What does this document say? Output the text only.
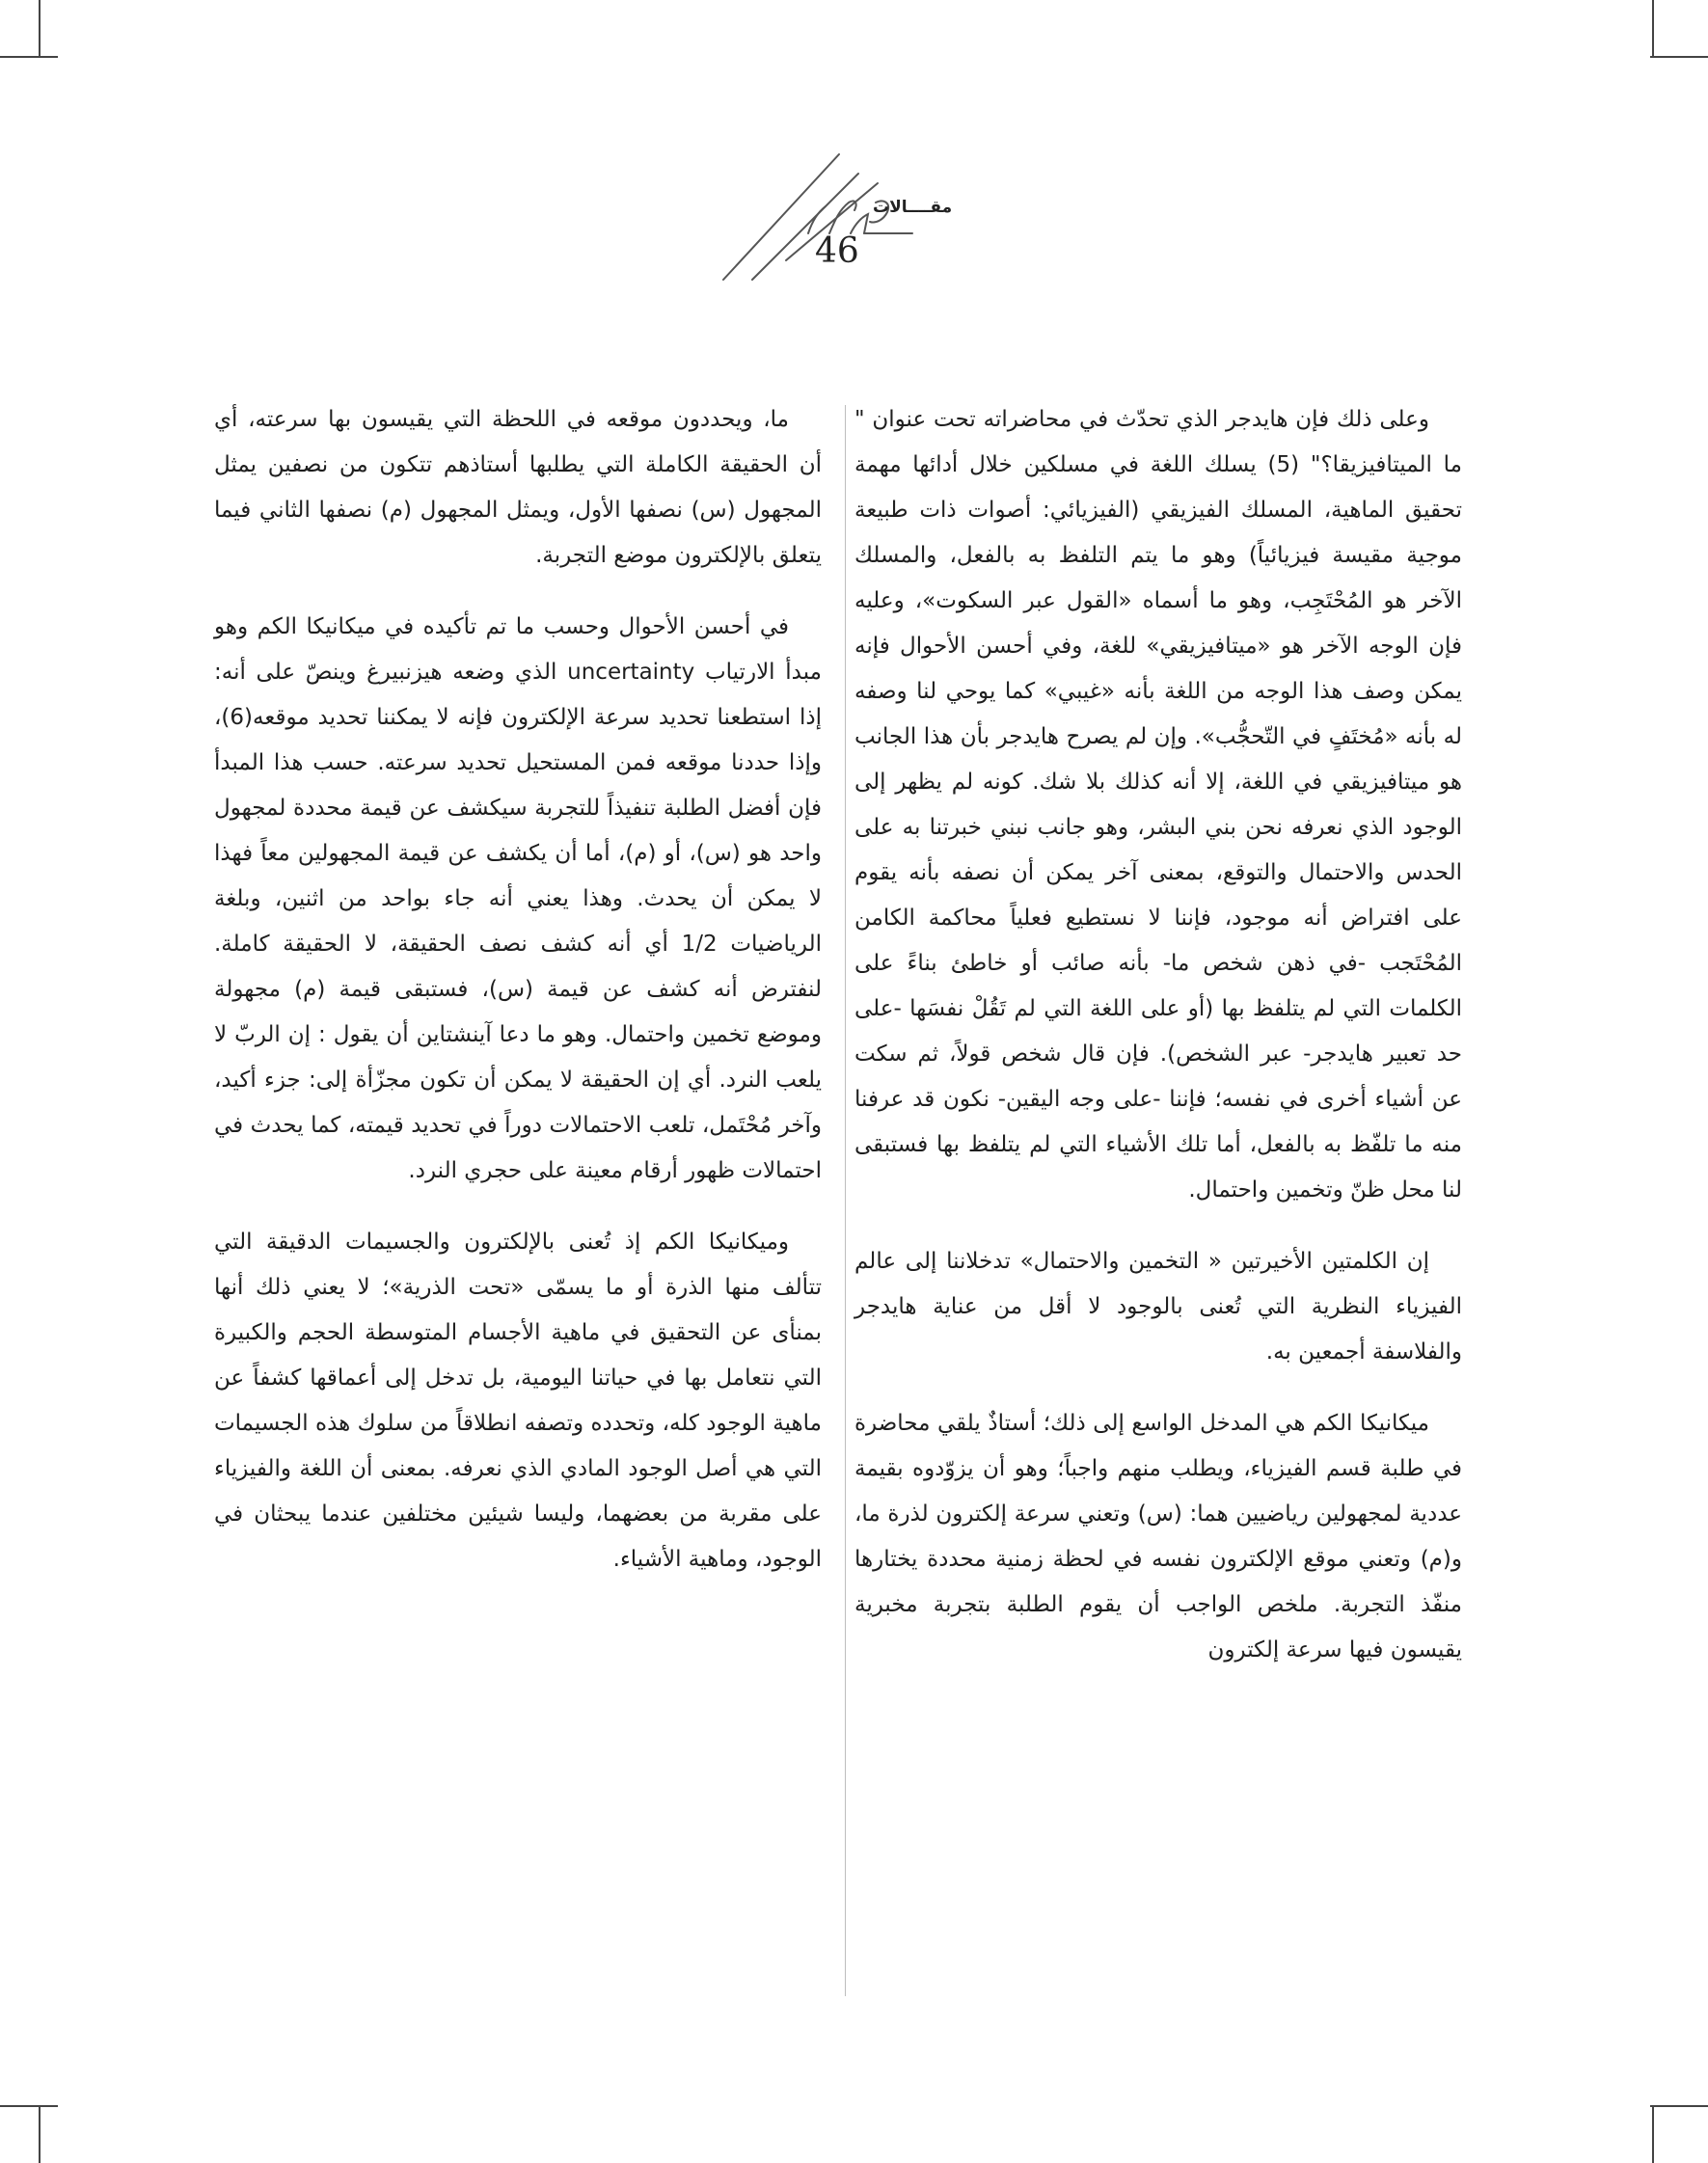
مقــــالات
46

وعلى ذلك فإن هايدجر الذي تحدّث في محاضراته تحت عنوان " ما الميتافيزيقا؟" (5) يسلك اللغة في مسلكين خلال أدائها مهمة تحقيق الماهية، المسلك الفيزيقي (الفيزيائي: أصوات ذات طبيعة موجية مقيسة فيزيائياً) وهو ما يتم التلفظ به بالفعل، والمسلك الآخر هو المُحْتَجِب، وهو ما أسماه «القول عبر السكوت»، وعليه فإن الوجه الآخر هو «ميتافيزيقي» للغة، وفي أحسن الأحوال فإنه يمكن وصف هذا الوجه من اللغة بأنه «غيبي» كما يوحي لنا وصفه له بأنه «مُختَفٍ في التّحجُّب». وإن لم يصرح هايدجر بأن هذا الجانب هو ميتافيزيقي في اللغة، إلا أنه كذلك بلا شك. كونه لم يظهر إلى الوجود الذي نعرفه نحن بني البشر، وهو جانب نبني خبرتنا به على الحدس والاحتمال والتوقع، بمعنى آخر يمكن أن نصفه بأنه يقوم على افتراض أنه موجود، فإننا لا نستطيع فعلياً محاكمة الكامن المُحْتَجب -في ذهن شخص ما- بأنه صائب أو خاطئ بناءً على الكلمات التي لم يتلفظ بها (أو على اللغة التي لم تَقُلْ نفسَها -على حد تعبير هايدجر- عبر الشخص). فإن قال شخص قولاً، ثم سكت عن أشياء أخرى في نفسه؛ فإننا -على وجه اليقين- نكون قد عرفنا منه ما تلفّظ به بالفعل، أما تلك الأشياء التي لم يتلفظ بها فستبقى لنا محل ظنّ وتخمين واحتمال.

إن الكلمتين الأخيرتين « التخمين والاحتمال» تدخلاننا إلى عالم الفيزياء النظرية التي تُعنى بالوجود لا أقل من عناية هايدجر والفلاسفة أجمعين به.

ميكانيكا الكم هي المدخل الواسع إلى ذلك؛ أستاذٌ يلقي محاضرة في طلبة قسم الفيزياء، ويطلب منهم واجباً؛ وهو أن يزوّدوه بقيمة عددية لمجهولين رياضيين هما: (س) وتعني سرعة إلكترون لذرة ما، و(م) وتعني موقع الإلكترون نفسه في لحظة زمنية محددة يختارها منفّذ التجربة. ملخص الواجب أن يقوم الطلبة بتجربة مخبرية يقيسون فيها سرعة إلكترون

ما، ويحددون موقعه في اللحظة التي يقيسون بها سرعته، أي أن الحقيقة الكاملة التي يطلبها أستاذهم تتكون من نصفين يمثل المجهول (س) نصفها الأول، ويمثل المجهول (م) نصفها الثاني فيما يتعلق بالإلكترون موضع التجربة.

في أحسن الأحوال وحسب ما تم تأكيده في ميكانيكا الكم وهو مبدأ الارتياب uncertainty الذي وضعه هيزنبيرغ وينصّ على أنه: إذا استطعنا تحديد سرعة الإلكترون فإنه لا يمكننا تحديد موقعه(6)، وإذا حددنا موقعه فمن المستحيل تحديد سرعته. حسب هذا المبدأ فإن أفضل الطلبة تنفيذاً للتجربة سيكشف عن قيمة محددة لمجهول واحد هو (س)، أو (م)، أما أن يكشف عن قيمة المجهولين معاً فهذا لا يمكن أن يحدث. وهذا يعني أنه جاء بواحد من اثنين، وبلغة الرياضيات 1/2 أي أنه كشف نصف الحقيقة، لا الحقيقة كاملة. لنفترض أنه كشف عن قيمة (س)، فستبقى قيمة (م) مجهولة وموضع تخمين واحتمال. وهو ما دعا آينشتاين أن يقول : إن الربّ لا يلعب النرد. أي إن الحقيقة لا يمكن أن تكون مجزّأة إلى: جزء أكيد، وآخر مُحْتَمل، تلعب الاحتمالات دوراً في تحديد قيمته، كما يحدث في احتمالات ظهور أرقام معينة على حجري النرد.

وميكانيكا الكم إذ تُعنى بالإلكترون والجسيمات الدقيقة التي تتألف منها الذرة أو ما يسمّى «تحت الذرية»؛ لا يعني ذلك أنها بمنأى عن التحقيق في ماهية الأجسام المتوسطة الحجم والكبيرة التي نتعامل بها في حياتنا اليومية، بل تدخل إلى أعماقها كشفاً عن ماهية الوجود كله، وتحدده وتصفه انطلاقاً من سلوك هذه الجسيمات التي هي أصل الوجود المادي الذي نعرفه. بمعنى أن اللغة والفيزياء على مقربة من بعضهما، وليسا شيئين مختلفين عندما يبحثان في الوجود، وماهية الأشياء.
